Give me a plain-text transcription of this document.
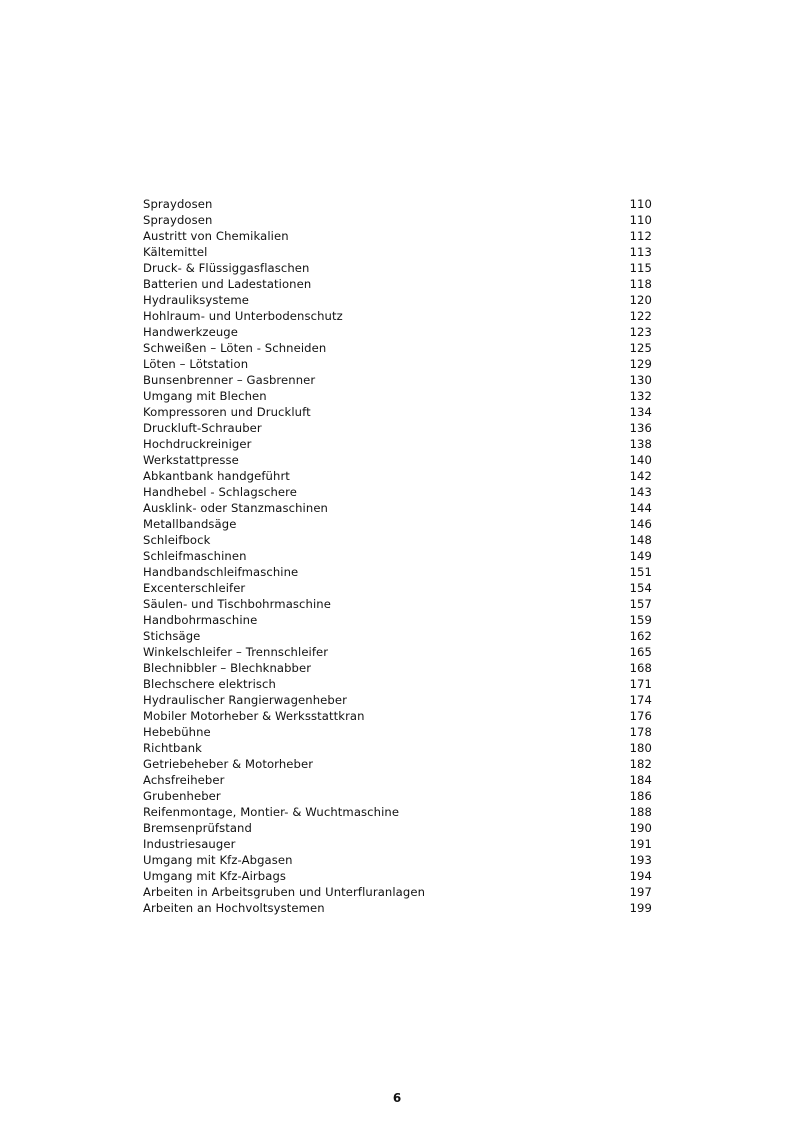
Spraydosen	110
Spraydosen	110
Austritt von Chemikalien	112
Kältemittel	113
Druck- & Flüssiggasflaschen	115
Batterien und Ladestationen	118
Hydrauliksysteme	120
Hohlraum- und Unterbodenschutz	122
Handwerkzeuge	123
Schweißen – Löten - Schneiden	125
Löten – Lötstation	129
Bunsenbrenner – Gasbrenner	130
Umgang mit Blechen	132
Kompressoren und Druckluft	134
Druckluft-Schrauber	136
Hochdruckreiniger	138
Werkstattpresse	140
Abkantbank handgeführt	142
Handhebel - Schlagschere	143
Ausklink- oder Stanzmaschinen	144
Metallbandsäge	146
Schleifbock	148
Schleifmaschinen	149
Handbandschleifmaschine	151
Excenterschleifer	154
Säulen- und Tischbohrmaschine	157
Handbohrmaschine	159
Stichsäge	162
Winkelschleifer – Trennschleifer	165
Blechnibbler – Blechknabber	168
Blechschere elektrisch	171
Hydraulischer Rangierwagenheber	174
Mobiler Motorheber & Werksstattkran	176
Hebebühne	178
Richtbank	180
Getriebeheber & Motorheber	182
Achsfreiheber	184
Grubenheber	186
Reifenmontage, Montier- & Wuchtmaschine	188
Bremsenprüfstand	190
Industriesauger	191
Umgang mit Kfz-Abgasen	193
Umgang mit Kfz-Airbags	194
Arbeiten in Arbeitsgruben und Unterfluranlagen	197
Arbeiten an Hochvoltsystemen	199
6
